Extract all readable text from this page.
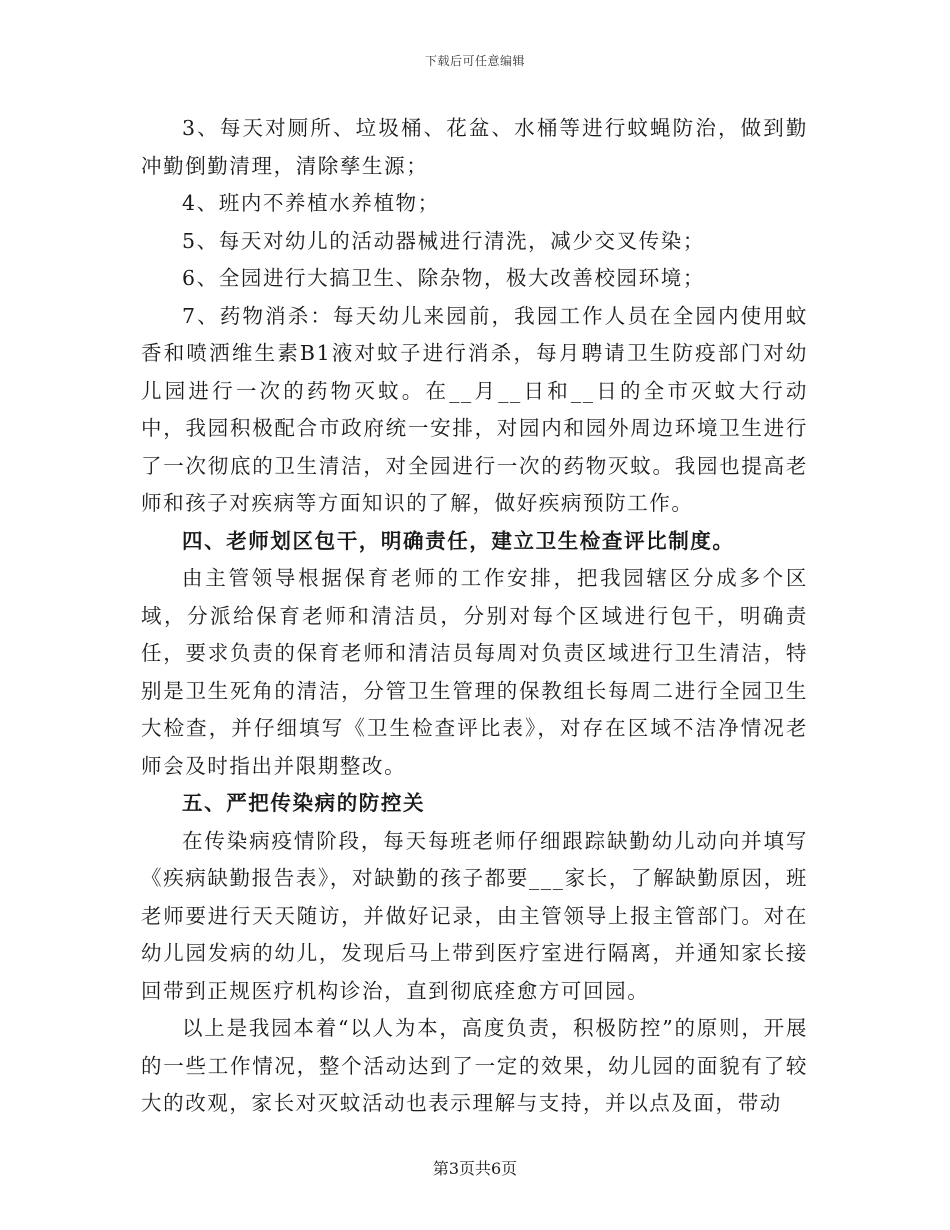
下载后可任意编辑

3、每天对厕所、垃圾桶、花盆、水桶等进行蚊蝇防治，做到勤冲勤倒勤清理，清除孳生源；

4、班内不养植水养植物；

5、每天对幼儿的活动器械进行清洗，减少交叉传染；

6、全园进行大搞卫生、除杂物，极大改善校园环境；

7、药物消杀：每天幼儿来园前，我园工作人员在全园内使用蚊香和喷洒维生素B1液对蚊子进行消杀，每月聘请卫生防疫部门对幼儿园进行一次的药物灭蚊。在__月__日和__日的全市灭蚊大行动中，我园积极配合市政府统一安排，对园内和园外周边环境卫生进行了一次彻底的卫生清洁，对全园进行一次的药物灭蚊。我园也提高老师和孩子对疾病等方面知识的了解，做好疾病预防工作。

四、老师划区包干，明确责任，建立卫生检查评比制度。

由主管领导根据保育老师的工作安排，把我园辖区分成多个区域，分派给保育老师和清洁员，分别对每个区域进行包干，明确责任，要求负责的保育老师和清洁员每周对负责区域进行卫生清洁，特别是卫生死角的清洁，分管卫生管理的保教组长每周二进行全园卫生大检查，并仔细填写《卫生检查评比表》，对存在区域不洁净情况老师会及时指出并限期整改。

五、严把传染病的防控关

在传染病疫情阶段，每天每班老师仔细跟踪缺勤幼儿动向并填写《疾病缺勤报告表》，对缺勤的孩子都要___家长，了解缺勤原因，班老师要进行天天随访，并做好记录，由主管领导上报主管部门。对在幼儿园发病的幼儿，发现后马上带到医疗室进行隔离，并通知家长接回带到正规医疗机构诊治，直到彻底痊愈方可回园。

以上是我园本着“以人为本，高度负责，积极防控”的原则，开展的一些工作情况，整个活动达到了一定的效果，幼儿园的面貌有了较大的改观，家长对灭蚊活动也表示理解与支持，并以点及面，带动

第3页共6页
